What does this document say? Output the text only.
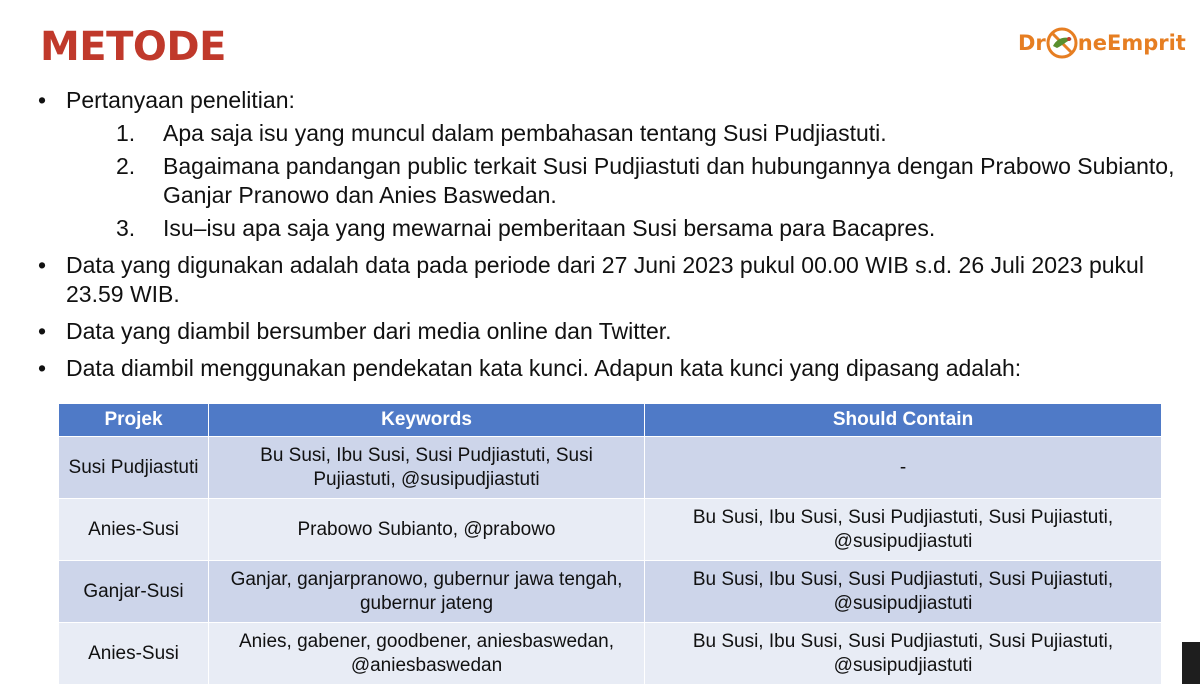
METODE	Dr neEmprit
• Pertanyaan penelitian:
1. Apa saja isu yang muncul dalam pembahasan tentang Susi Pudjiastuti.
2. Bagaimana pandangan public terkait Susi Pudjiastuti dan hubungannya dengan Prabowo Subianto, Ganjar Pranowo dan Anies Baswedan.
3. Isu–isu apa saja yang mewarnai pemberitaan Susi bersama para Bacapres.
• Data yang digunakan adalah data pada periode dari 27 Juni 2023 pukul 00.00 WIB s.d. 26 Juli 2023 pukul 23.59 WIB.
• Data yang diambil bersumber dari media online dan Twitter.
• Data diambil menggunakan pendekatan kata kunci. Adapun kata kunci yang dipasang adalah:
Projek	Keywords	Should Contain
Susi Pudjiastuti	Bu Susi, Ibu Susi, Susi Pudjiastuti, Susi Pujiastuti, @susipudjiastuti	-
Anies-Susi	Prabowo Subianto, @prabowo	Bu Susi, Ibu Susi, Susi Pudjiastuti, Susi Pujiastuti, @susipudjiastuti
Ganjar-Susi	Ganjar, ganjarpranowo, gubernur jawa tengah, gubernur jateng	Bu Susi, Ibu Susi, Susi Pudjiastuti, Susi Pujiastuti, @susipudjiastuti
Anies-Susi	Anies, gabener, goodbener, aniesbaswedan, @aniesbaswedan	Bu Susi, Ibu Susi, Susi Pudjiastuti, Susi Pujiastuti, @susipudjiastuti
